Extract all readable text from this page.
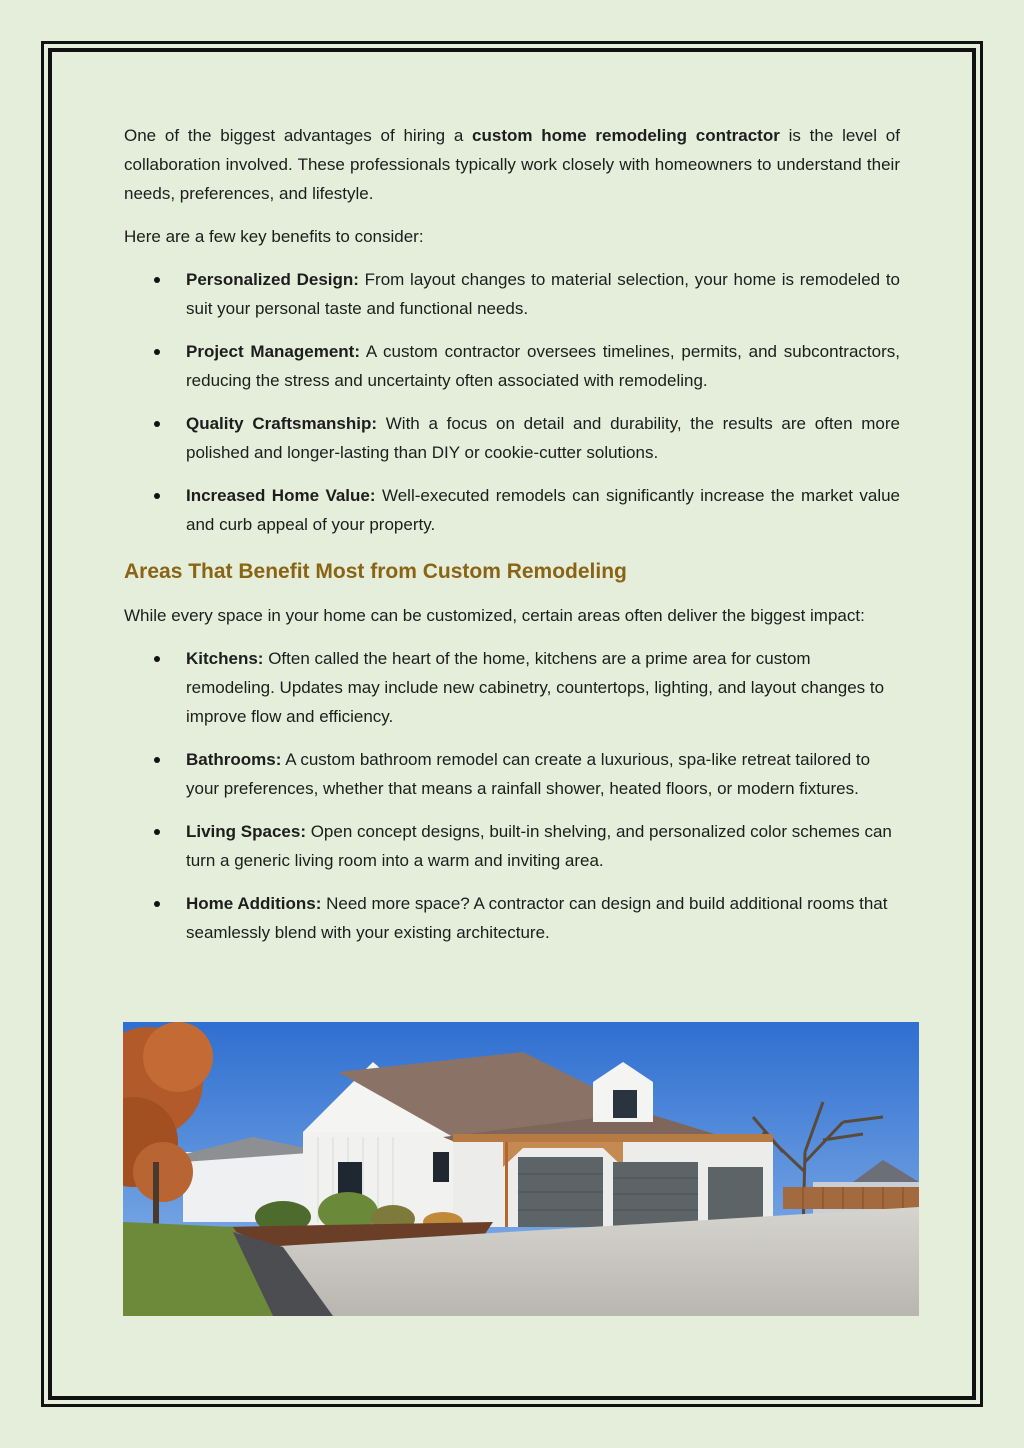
One of the biggest advantages of hiring a custom home remodeling contractor is the level of collaboration involved. These professionals typically work closely with homeowners to understand their needs, preferences, and lifestyle.

Here are a few key benefits to consider:

Personalized Design: From layout changes to material selection, your home is remodeled to suit your personal taste and functional needs.
Project Management: A custom contractor oversees timelines, permits, and subcontractors, reducing the stress and uncertainty often associated with remodeling.
Quality Craftsmanship: With a focus on detail and durability, the results are often more polished and longer-lasting than DIY or cookie-cutter solutions.
Increased Home Value: Well-executed remodels can significantly increase the market value and curb appeal of your property.
Areas That Benefit Most from Custom Remodeling

While every space in your home can be customized, certain areas often deliver the biggest impact:

Kitchens: Often called the heart of the home, kitchens are a prime area for custom remodeling. Updates may include new cabinetry, countertops, lighting, and layout changes to improve flow and efficiency.
Bathrooms: A custom bathroom remodel can create a luxurious, spa-like retreat tailored to your preferences, whether that means a rainfall shower, heated floors, or modern fixtures.
Living Spaces: Open concept designs, built-in shelving, and personalized color schemes can turn a generic living room into a warm and inviting area.
Home Additions: Need more space? A contractor can design and build additional rooms that seamlessly blend with your existing architecture.
